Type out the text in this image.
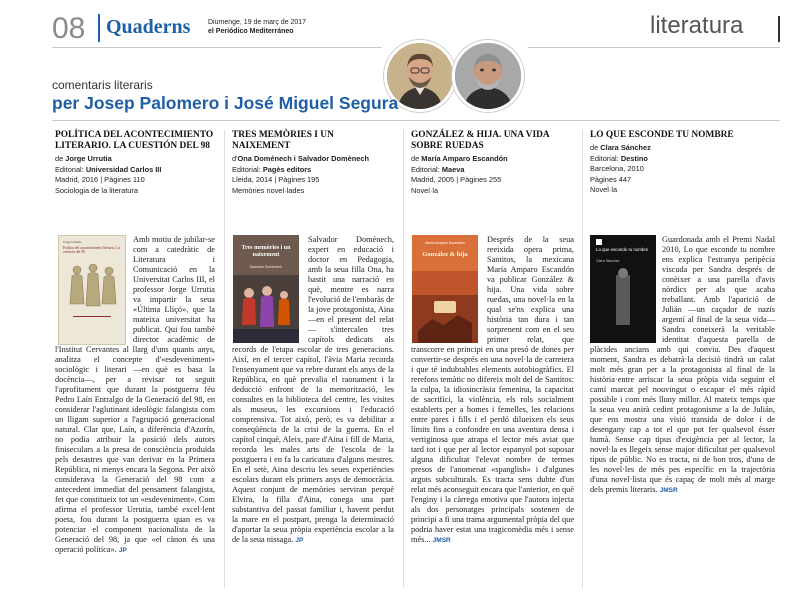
08 Quaderns	Diumenge, 19 de març de 2017
el Periódico Mediterráneo	literatura
comentaris literaris
per Josep Palomero i José Miguel Segura
POLÍTICA DEL ACONTECIMIENTO LITERARIO. LA CUESTIÓN DEL 98
de Jorge Urrutia
Editorial: Universidad Carlos III
Madrid, 2016 | Pàgines 110
Sociologia de la literatura
Jorge Urrutia
Política del acontecimiento literario. La cuestión del 98

Amb motiu de jubilar-se com a catedràtic de Literatura i Comunicació en la Universitat Carlos III, el professor Jorge Urrutia va impartir la seua «Última Lliçó», que la mateixa universitat ha publicat. Qui fou també director acadèmic de l'Institut Cervantes al llarg d'uns quants anys, analitza el concepte d'«esdeveniment» sociològic i literari —en què es basa la docència—, per a revisar tot seguit l'aprofitament que durant la postguerra féu Pedro Laín Entralgo de la Generació del 98, en considerar l'aglutinant ideològic falangista com un lligam superior a l'agrupació generacional natural. Clar que, Laín, a diferència d'Azorín, no podia atribuir la posició dels autors finiseculars a la presa de consciència produïda pels desastres que van derivar en la Primera República, ni menys encara la Segona. Per això considerava la Generació del 98 com a antecedent immediat del pensament falangista, fet que constitueix tot un «esdeveniment». Com afirma el professor Urrutia, també excel·lent poeta, fou durant la postguerra quan es va potenciar el component nacionalista de la Generació del 98, ja que «el cànon és una operació política». JP

TRES MEMÒRIES I UN NAIXEMENT
d'Ona Doménech i Salvador Domènech
Editorial: Pagès editors
Lleida, 2014 | Pàgines 195
Memòries novel·lades
Tres memòries i un naixement
Salvador Domènech

Salvador Domènech, expert en educació i doctor en Pedagogia, amb la seua filla Ona, ha bastit una narració en què, mentre es narra l'evolució de l'embaràs de la jove protagonista, Aina —en el present del relat— s'intercalen tres capítols dedicats als records de l'etapa escolar de tres generacions. Així, en el tercer capítol, l'àvia Maria recorda l'ensenyament que va rebre durant els anys de la República, en què prevalia el raonament i la deducció enfront de la memorització, les consultes en la biblioteca del centre, les visites als museus, les excursions i l'educació comprensiva. Tot això, però, es va debilitar a conseqüència de la crisi de la guerra. En el capítol cinquè, Aleix, pare d'Aina i fill de Maria, recorda les males arts de l'escola de la postguerra i en fa la caricatura d'alguns mestres. En el setè, Aina descriu les seues experiències escolars durant els primers anys de democràcia. Aquest conjunt de memòries serviran perquè Elvira, la filla d'Aina, conega una part substantiva del passat familiar i, havent perdut la mare en el postpart, prenga la determinació d'aportar la seua pròpia experiència escolar a la de la seua nissaga. JP

GONZÁLEZ & HIJA. UNA VIDA SOBRE RUEDAS
de María Amparo Escandón
Editorial: Maeva
Madrid, 2005 | Pàgines 255
Novel·la
María Amparo Escandón
González & hija

Després de la seua reeixida opera prima, Santitos, la mexicana María Amparo Escandón va publicar González & hija. Una vida sobre ruedas, una novel·la en la qual se'ns explica una història tan dura i tan sorprenent com en el seu primer relat, que transcorre en principi en una presó de dones per convertir-se després en una novel·la de carretera i que té indubtables elements autobiogràfics. El rerefons temàtic no difereix molt del de Santitos: la culpa, la idiosincràsia femenina, la capacitat de sacrifici, la violència, els rols socialment establerts per a homes i femelles, les relacions entre pares i fills i el perdó dilueixen els seus límits fins a confondre en una aventura densa i vertiginosa que atrapa el lector més aviat que tard tot i que per al lector espanyol pot suposar alguna dificultat l'elevat nombre de termes presos de l'anomenat «spanglish» i d'algunes argots subculturals. Es tracta sens dubte d'un relat més aconseguit encara que l'anterior, en què l'enginy i la càrrega emotiva que l'autora injecta als dos personatges principals sostenen de principi a fi una trama argumental pròpia del que podria haver estat una tragicomèdia més i sense més... JMSR

LO QUE ESCONDE TU NOMBRE
de Clara Sánchez
Editorial: Destino
Barcelona, 2010
Pàgines 447
Novel·la
Lo que esconde tu nombre
Clara Sánchez

Guardonada amb el Premi Nadal 2010, Lo que esconde tu nombre ens explica l'estranya peripècia viscuda per Sandra després de conèixer a una parella d'avis nòrdics per als que acaba treballant. Amb l'aparició de Julián —un caçador de nazis argentí al final de la seua vida— Sandra coneixerà la veritable identitat d'aquesta parella de plàcides ancians amb qui conviu. Des d'aquest moment, Sandra es debatrà·la decisió tindrà un calat molt més gran per a la protagonista al final de la història·entre arriscar la seua pròpia vida seguint el camí marcat pel nouvingut o escapar el més ràpid possible i com més lluny millor. Al mateix temps que la seua veu anirà cedint protagonisme a la de Julián, que ens mostra una visió transida de dolor i de desengany cap a tot el que pot fer qualsevol ésser humà. Sense cap tipus d'exigència per al lector, la novel·la es llegeix sense major dificultat per qualsevol tipus de públic. No es tracta, ni de bon tros, d'una de les novel·les de més pes específic en la trajectòria d'una novel·lista que és capaç de molt més al marge dels premis literaris. JMSR
